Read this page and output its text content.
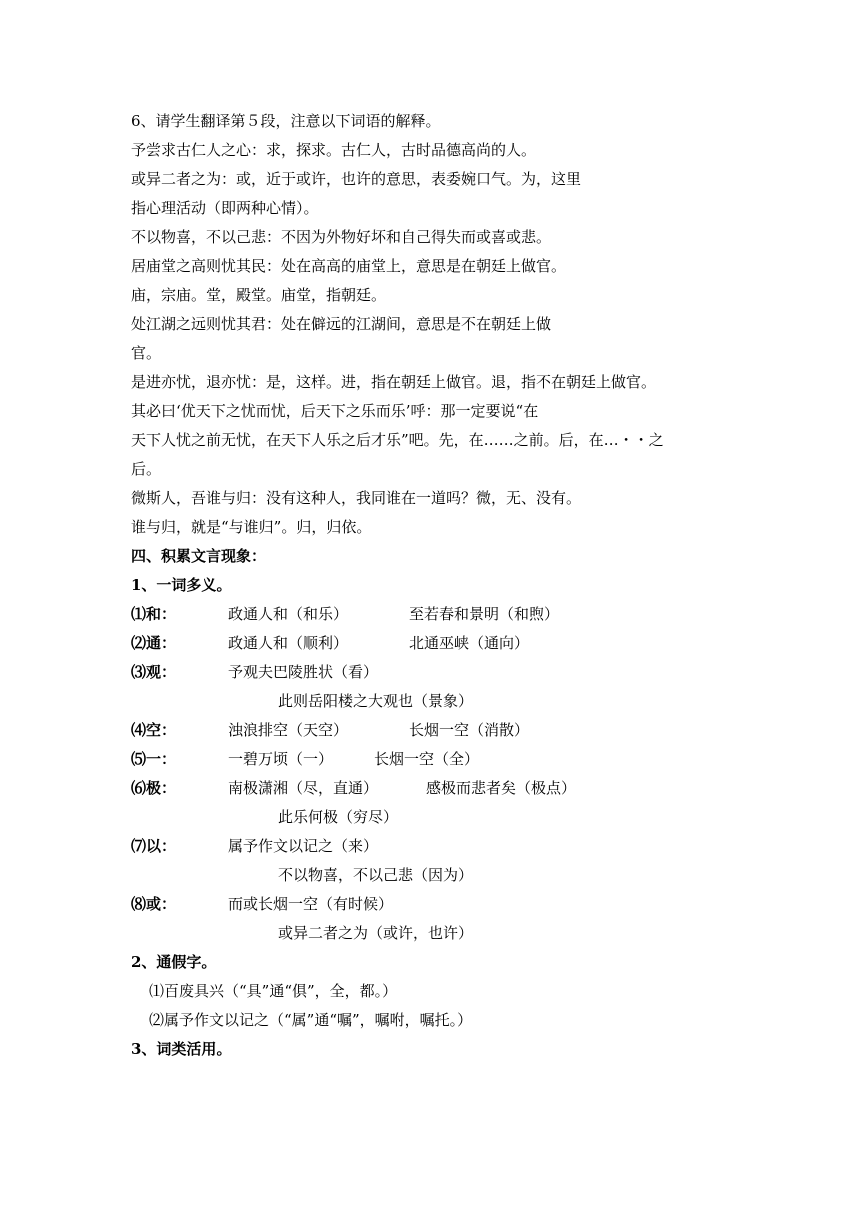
6、请学生翻译第５段，注意以下词语的解释。
予尝求古仁人之心：求，探求。古仁人，古时品德高尚的人。
或异二者之为：或，近于或许，也许的意思，表委婉口气。为，这里
指心理活动（即两种心情）。
不以物喜，不以己悲：不因为外物好坏和自己得失而或喜或悲。
居庙堂之高则忧其民：处在高高的庙堂上，意思是在朝廷上做官。
庙，宗庙。堂，殿堂。庙堂，指朝廷。
处江湖之远则忧其君：处在僻远的江湖间，意思是不在朝廷上做
官。
是进亦忧，退亦忧：是，这样。进，指在朝廷上做官。退，指不在朝廷上做官。
其必曰‘优天下之忧而忧，后天下之乐而乐’呼：那一定要说“在
天下人忧之前无忧，在天下人乐之后才乐”吧。先，在……之前。后，在…・・之
后。
微斯人，吾谁与归：没有这种人，我同谁在一道吗？微，无、没有。
谁与归，就是“与谁归”。归，归依。
四、积累文言现象：
1、一词多义。
⑴和：	政通人和（和乐）	至若春和景明（和煦）
⑵通：	政通人和（顺利）	北通巫峡（通向）
⑶观：	予观夫巴陵胜状（看）
此则岳阳楼之大观也（景象）
⑷空：	浊浪排空（天空）	长烟一空（消散）
⑸一：	一碧万顷（一）	长烟一空（全）
⑹极：	南极潇湘（尽，直通）	感极而悲者矣（极点）
此乐何极（穷尽）
⑺以：	属予作文以记之（来）
不以物喜，不以己悲（因为）
⑻或：	而或长烟一空（有时候）
或异二者之为（或许，也许）
2、通假字。
⑴百废具兴（“具”通“俱”，全，都。）
⑵属予作文以记之（“属”通“嘱”，嘱咐，嘱托。）
3、词类活用。
